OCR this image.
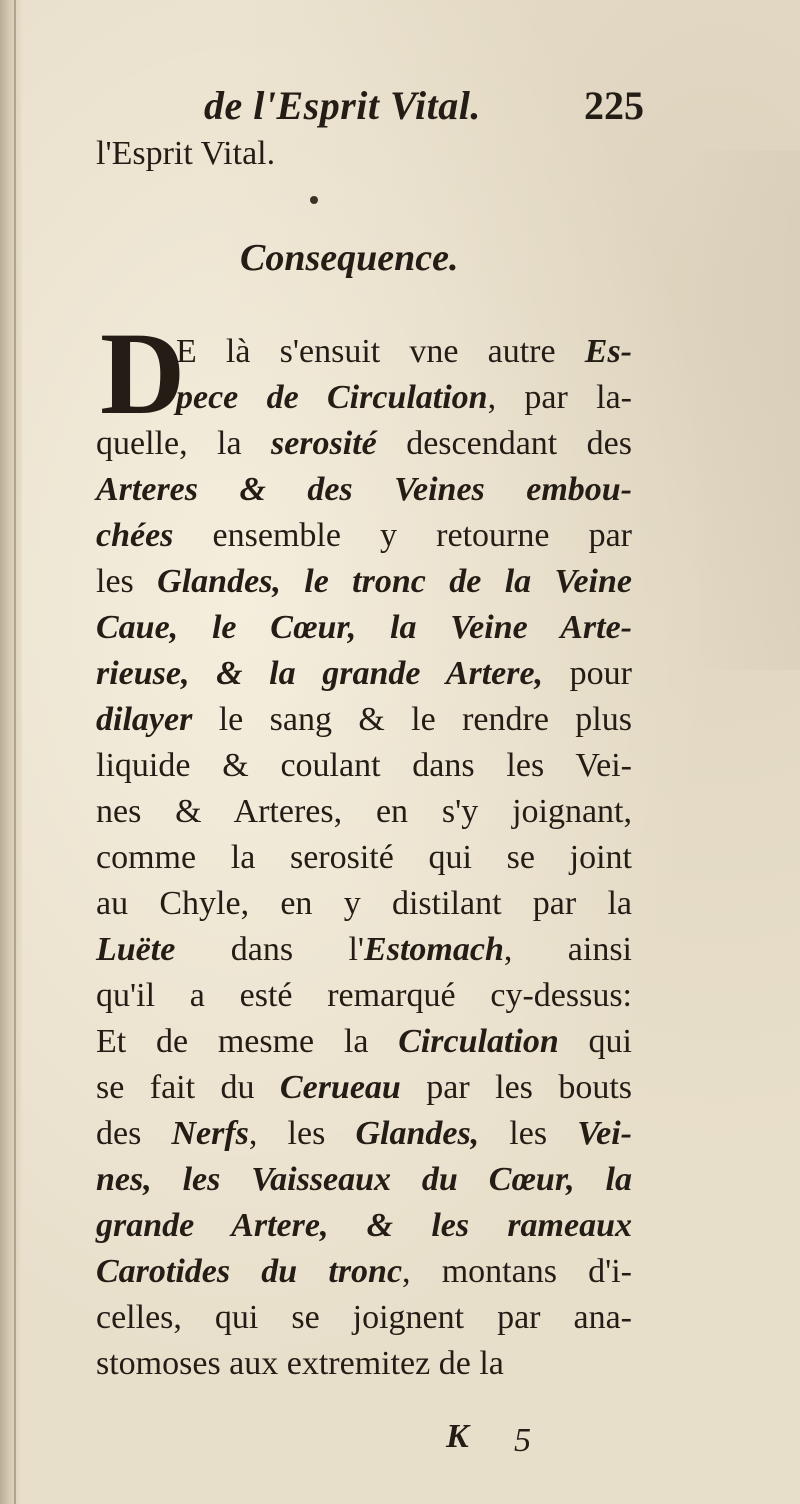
de l'Esprit Vital.	225
l'Esprit Vital.
Consequence.
D
E là s'ensuit vne autre Es-
pece de Circulation, par la-
quelle, la serosité descendant des
Arteres & des Veines embou-
chées ensemble y retourne par
les Glandes, le tronc de la Veine
Caue, le Cœur, la Veine Arte-
rieuse, & la grande Artere, pour
dilayer le sang & le rendre plus
liquide & coulant dans les Vei-
nes & Arteres, en s'y joignant,
comme la serosité qui se joint
au Chyle, en y distilant par la
Luëte dans l'Estomach, ainsi
qu'il a esté remarqué cy-dessus:
Et de mesme la Circulation qui
se fait du Cerueau par les bouts
des Nerfs, les Glandes, les Vei-
nes, les Vaisseaux du Cœur, la
grande Artere, & les rameaux
Carotides du tronc, montans d'i-
celles, qui se joignent par ana-
stomoses aux extremitez de la
K 5
